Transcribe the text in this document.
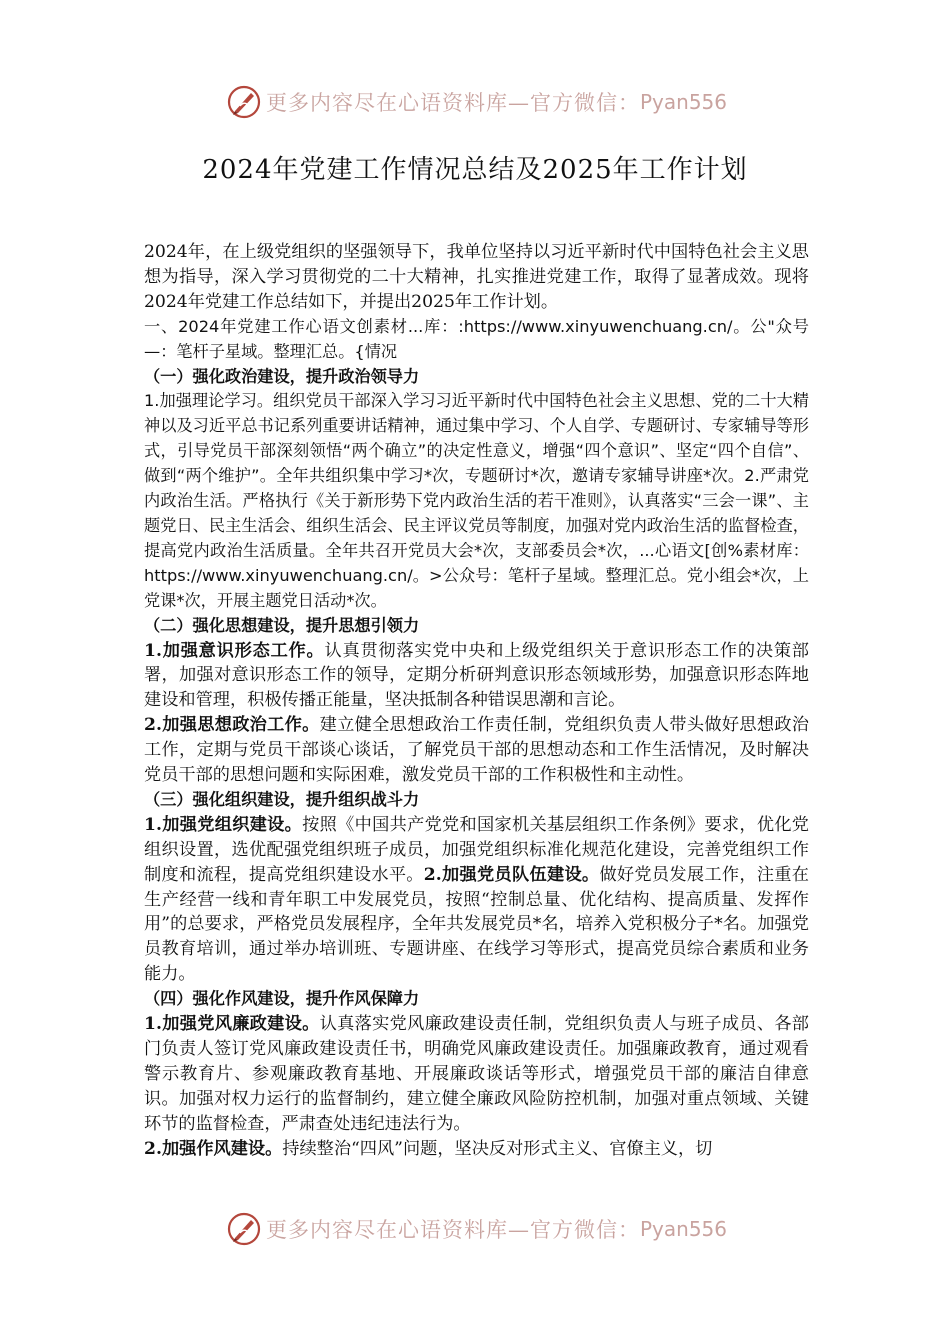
更多内容尽在心语资料库—官方微信： Pyan556
2024年党建工作情况总结及2025年工作计划

2024年，在上级党组织的坚强领导下，我单位坚持以习近平新时代中国特色社会主义思想为指导，深入学习贯彻党的二十大精神，扎实推进党建工作，取得了显著成效。现将2024年党建工作总结如下，并提出2025年工作计划。

一、2024年党建工作心语文创素材...库：:https://www.xinyuwenchuang.cn/。公"众号—：笔杆子星域。整理汇总。{情况

（一）强化政治建设，提升政治领导力

1.加强理论学习。组织党员干部深入学习习近平新时代中国特色社会主义思想、党的二十大精神以及习近平总书记系列重要讲话精神，通过集中学习、个人自学、专题研讨、专家辅导等形式，引导党员干部深刻领悟“两个确立”的决定性意义，增强“四个意识”、坚定“四个自信”、做到“两个维护”。全年共组织集中学习*次，专题研讨*次，邀请专家辅导讲座*次。2.严肃党内政治生活。严格执行《关于新形势下党内政治生活的若干准则》，认真落实“三会一课”、主题党日、民主生活会、组织生活会、民主评议党员等制度，加强对党内政治生活的监督检查，提高党内政治生活质量。全年共召开党员大会*次，支部委员会*次，...心语文[创%素材库：https://www.xinyuwenchuang.cn/。>公众号：笔杆子星域。整理汇总。党小组会*次，上党课*次，开展主题党日活动*次。

（二）强化思想建设，提升思想引领力

1.加强意识形态工作。认真贯彻落实党中央和上级党组织关于意识形态工作的决策部署，加强对意识形态工作的领导，定期分析研判意识形态领域形势，加强意识形态阵地建设和管理，积极传播正能量，坚决抵制各种错误思潮和言论。

2.加强思想政治工作。建立健全思想政治工作责任制，党组织负责人带头做好思想政治工作，定期与党员干部谈心谈话，了解党员干部的思想动态和工作生活情况，及时解决党员干部的思想问题和实际困难，激发党员干部的工作积极性和主动性。

（三）强化组织建设，提升组织战斗力

1.加强党组织建设。按照《中国共产党党和国家机关基层组织工作条例》要求，优化党组织设置，选优配强党组织班子成员，加强党组织标准化规范化建设，完善党组织工作制度和流程，提高党组织建设水平。2.加强党员队伍建设。做好党员发展工作，注重在生产经营一线和青年职工中发展党员，按照“控制总量、优化结构、提高质量、发挥作用”的总要求，严格党员发展程序，全年共发展党员*名，培养入党积极分子*名。加强党员教育培训，通过举办培训班、专题讲座、在线学习等形式，提高党员综合素质和业务能力。

（四）强化作风建设，提升作风保障力

1.加强党风廉政建设。认真落实党风廉政建设责任制，党组织负责人与班子成员、各部门负责人签订党风廉政建设责任书，明确党风廉政建设责任。加强廉政教育，通过观看警示教育片、参观廉政教育基地、开展廉政谈话等形式，增强党员干部的廉洁自律意识。加强对权力运行的监督制约，建立健全廉政风险防控机制，加强对重点领域、关键环节的监督检查，严肃查处违纪违法行为。

2.加强作风建设。持续整治“四风”问题，坚决反对形式主义、官僚主义，切

更多内容尽在心语资料库—官方微信： Pyan556
